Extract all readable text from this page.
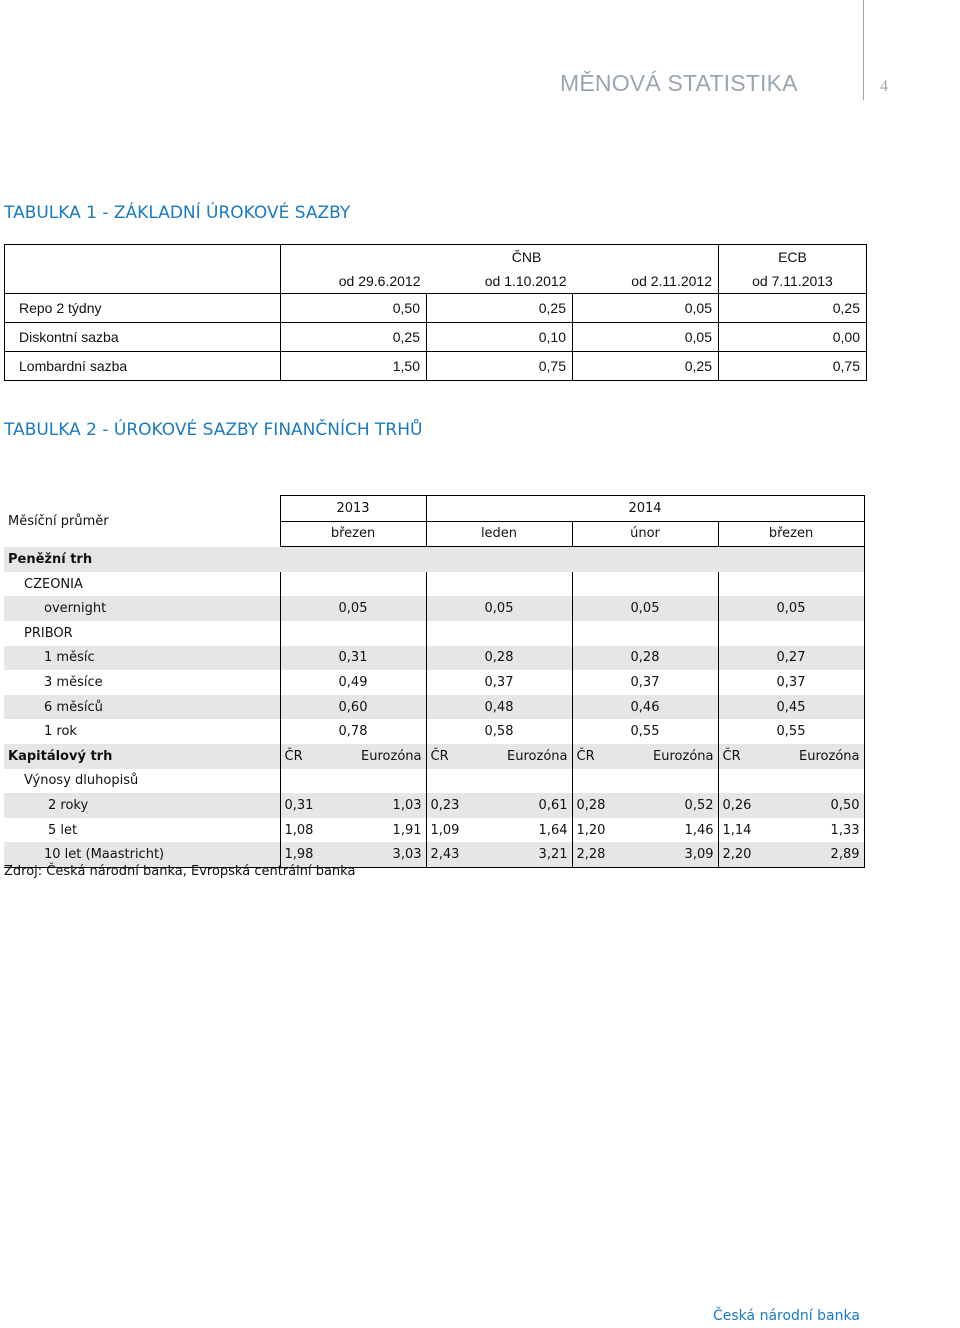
MĚNOVÁ STATISTIKA	4
TABULKA 1 - ZÁKLADNÍ ÚROKOVÉ SAZBY
	ČNB			ECB
	od 29.6.2012	od 1.10.2012	od 2.11.2012	od 7.11.2013
Repo 2 týdny	0,50	0,25	0,05	0,25
Diskontní sazba	0,25	0,10	0,05	0,00
Lombardní sazba	1,50	0,75	0,25	0,75
TABULKA 2 - ÚROKOVÉ SAZBY FINANČNÍCH TRHŮ
Měsíční průměr	2013		2014					
	březen		leden		únor		březen	
Peněžní trh								
CZEONIA								
overnight	0,05		0,05		0,05		0,05	
PRIBOR								
1 měsíc	0,31		0,28		0,28		0,27	
3 měsíce	0,49		0,37		0,37		0,37	
6 měsíců	0,60		0,48		0,46		0,45	
1 rok	0,78		0,58		0,55		0,55	
Kapitálový trh	ČR	Eurozóna	ČR	Eurozóna	ČR	Eurozóna	ČR	Eurozóna
Výnosy dluhopisů								
2 roky	0,31	1,03	0,23	0,61	0,28	0,52	0,26	0,50
5 let	1,08	1,91	1,09	1,64	1,20	1,46	1,14	1,33
10 let (Maastricht)	1,98	3,03	2,43	3,21	2,28	3,09	2,20	2,89
Zdroj: Česká národní banka, Evropská centrální banka
Česká národní banka
